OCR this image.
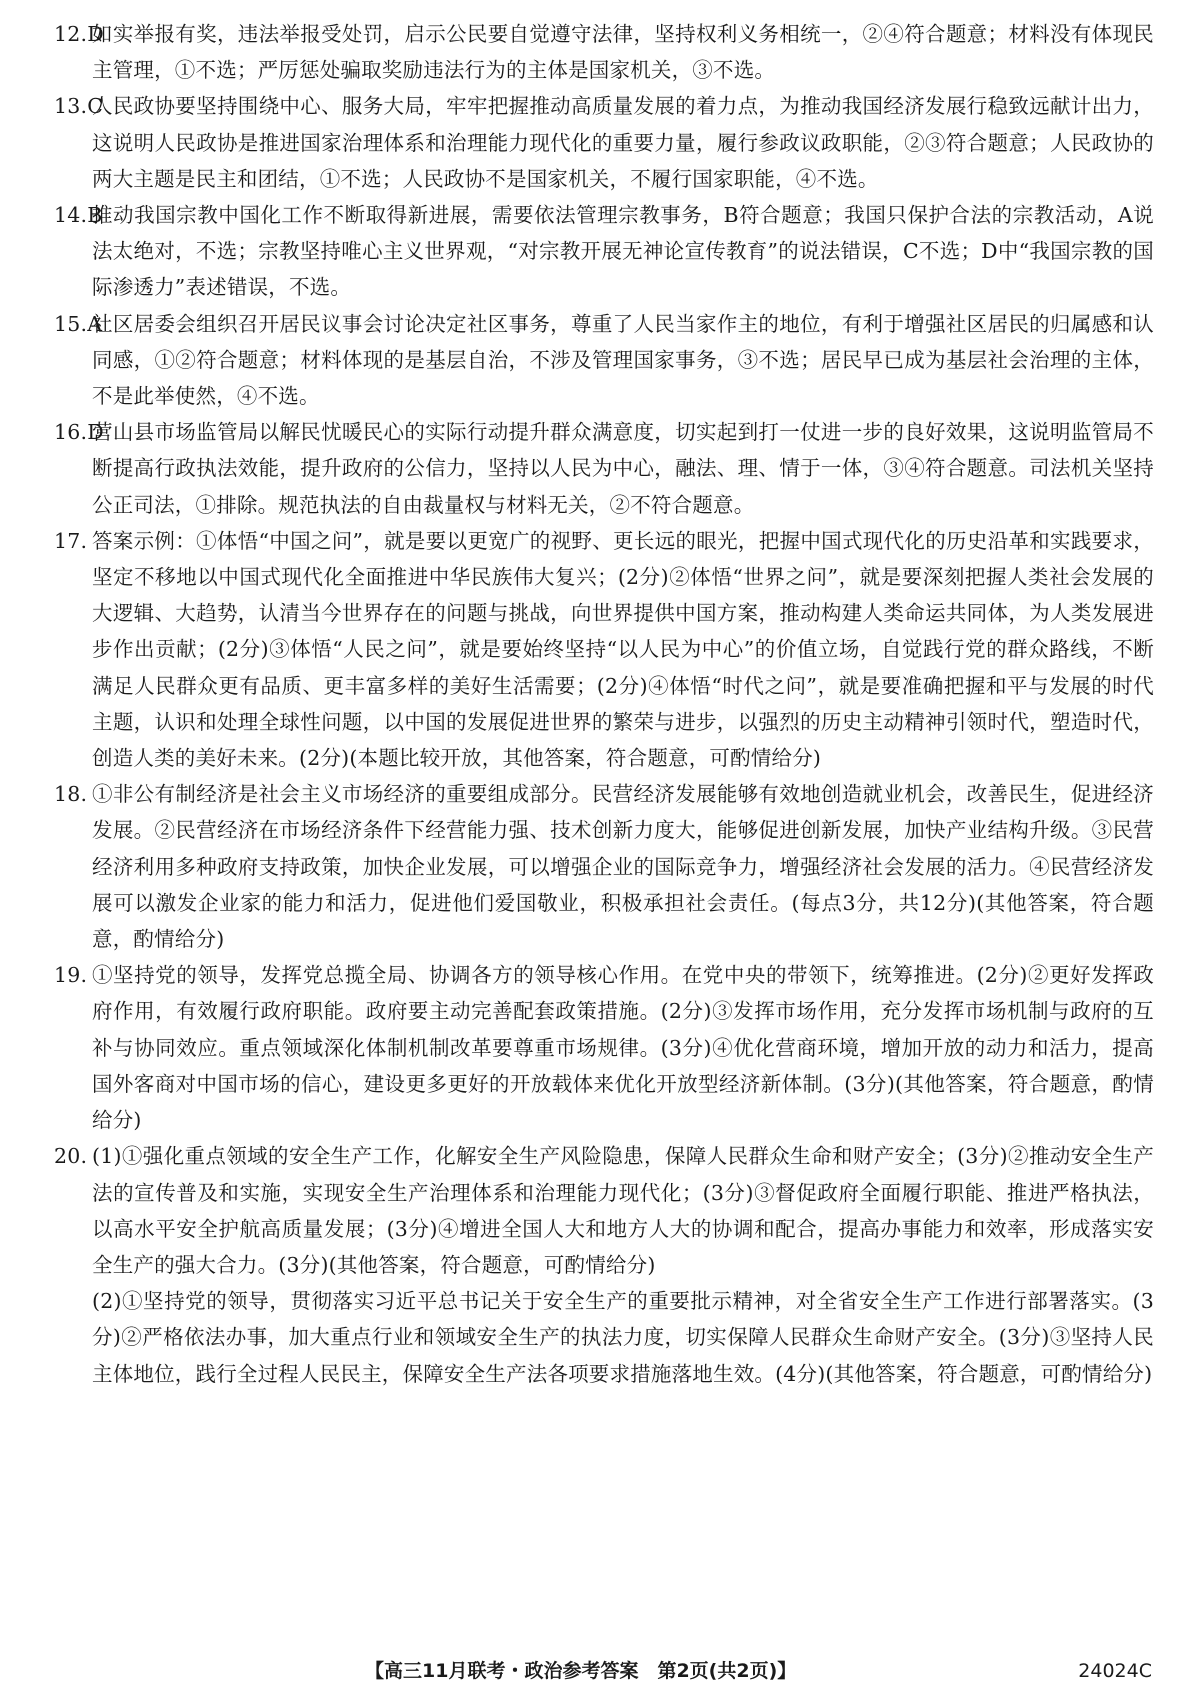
12.D
如实举报有奖，违法举报受处罚，启示公民要自觉遵守法律，坚持权利义务相统一，②④符合题意；材料没有体现民主管理，①不选；严厉惩处骗取奖励违法行为的主体是国家机关，③不选。
13.C
人民政协要坚持围绕中心、服务大局，牢牢把握推动高质量发展的着力点，为推动我国经济发展行稳致远献计出力，这说明人民政协是推进国家治理体系和治理能力现代化的重要力量，履行参政议政职能，②③符合题意；人民政协的两大主题是民主和团结，①不选；人民政协不是国家机关，不履行国家职能，④不选。
14.B
推动我国宗教中国化工作不断取得新进展，需要依法管理宗教事务，B符合题意；我国只保护合法的宗教活动，A说法太绝对，不选；宗教坚持唯心主义世界观，“对宗教开展无神论宣传教育”的说法错误，C不选；D中“我国宗教的国际渗透力”表述错误，不选。
15.A
社区居委会组织召开居民议事会讨论决定社区事务，尊重了人民当家作主的地位，有利于增强社区居民的归属感和认同感，①②符合题意；材料体现的是基层自治，不涉及管理国家事务，③不选；居民早已成为基层社会治理的主体，不是此举使然，④不选。
16.D
营山县市场监管局以解民忧暖民心的实际行动提升群众满意度，切实起到打一仗进一步的良好效果，这说明监管局不断提高行政执法效能，提升政府的公信力，坚持以人民为中心，融法、理、情于一体，③④符合题意。司法机关坚持公正司法，①排除。规范执法的自由裁量权与材料无关，②不符合题意。
17. 答案示例：①体悟“中国之问”，就是要以更宽广的视野、更长远的眼光，把握中国式现代化的历史沿革和实践要求，坚定不移地以中国式现代化全面推进中华民族伟大复兴；(2分)②体悟“世界之问”，就是要深刻把握人类社会发展的大逻辑、大趋势，认清当今世界存在的问题与挑战，向世界提供中国方案，推动构建人类命运共同体，为人类发展进步作出贡献；(2分)③体悟“人民之问”，就是要始终坚持“以人民为中心”的价值立场，自觉践行党的群众路线，不断满足人民群众更有品质、更丰富多样的美好生活需要；(2分)④体悟“时代之问”，就是要准确把握和平与发展的时代主题，认识和处理全球性问题，以中国的发展促进世界的繁荣与进步，以强烈的历史主动精神引领时代，塑造时代，创造人类的美好未来。(2分)(本题比较开放，其他答案，符合题意，可酌情给分)
18. ①非公有制经济是社会主义市场经济的重要组成部分。民营经济发展能够有效地创造就业机会，改善民生，促进经济发展。②民营经济在市场经济条件下经营能力强、技术创新力度大，能够促进创新发展，加快产业结构升级。③民营经济利用多种政府支持政策，加快企业发展，可以增强企业的国际竞争力，增强经济社会发展的活力。④民营经济发展可以激发企业家的能力和活力，促进他们爱国敬业，积极承担社会责任。(每点3分，共12分)(其他答案，符合题意，酌情给分)
19. ①坚持党的领导，发挥党总揽全局、协调各方的领导核心作用。在党中央的带领下，统筹推进。(2分)②更好发挥政府作用，有效履行政府职能。政府要主动完善配套政策措施。(2分)③发挥市场作用，充分发挥市场机制与政府的互补与协同效应。重点领域深化体制机制改革要尊重市场规律。(3分)④优化营商环境，增加开放的动力和活力，提高国外客商对中国市场的信心，建设更多更好的开放载体来优化开放型经济新体制。(3分)(其他答案，符合题意，酌情给分)
20. (1)①强化重点领域的安全生产工作，化解安全生产风险隐患，保障人民群众生命和财产安全；(3分)②推动安全生产法的宣传普及和实施，实现安全生产治理体系和治理能力现代化；(3分)③督促政府全面履行职能、推进严格执法，以高水平安全护航高质量发展；(3分)④增进全国人大和地方人大的协调和配合，提高办事能力和效率，形成落实安全生产的强大合力。(3分)(其他答案，符合题意，可酌情给分)
(2)①坚持党的领导，贯彻落实习近平总书记关于安全生产的重要批示精神，对全省安全生产工作进行部署落实。(3分)②严格依法办事，加大重点行业和领域安全生产的执法力度，切实保障人民群众生命财产安全。(3分)③坚持人民主体地位，践行全过程人民民主，保障安全生产法各项要求措施落地生效。(4分)(其他答案，符合题意，可酌情给分)
【高三11月联考・政治参考答案　第2页(共2页)】	24024C
